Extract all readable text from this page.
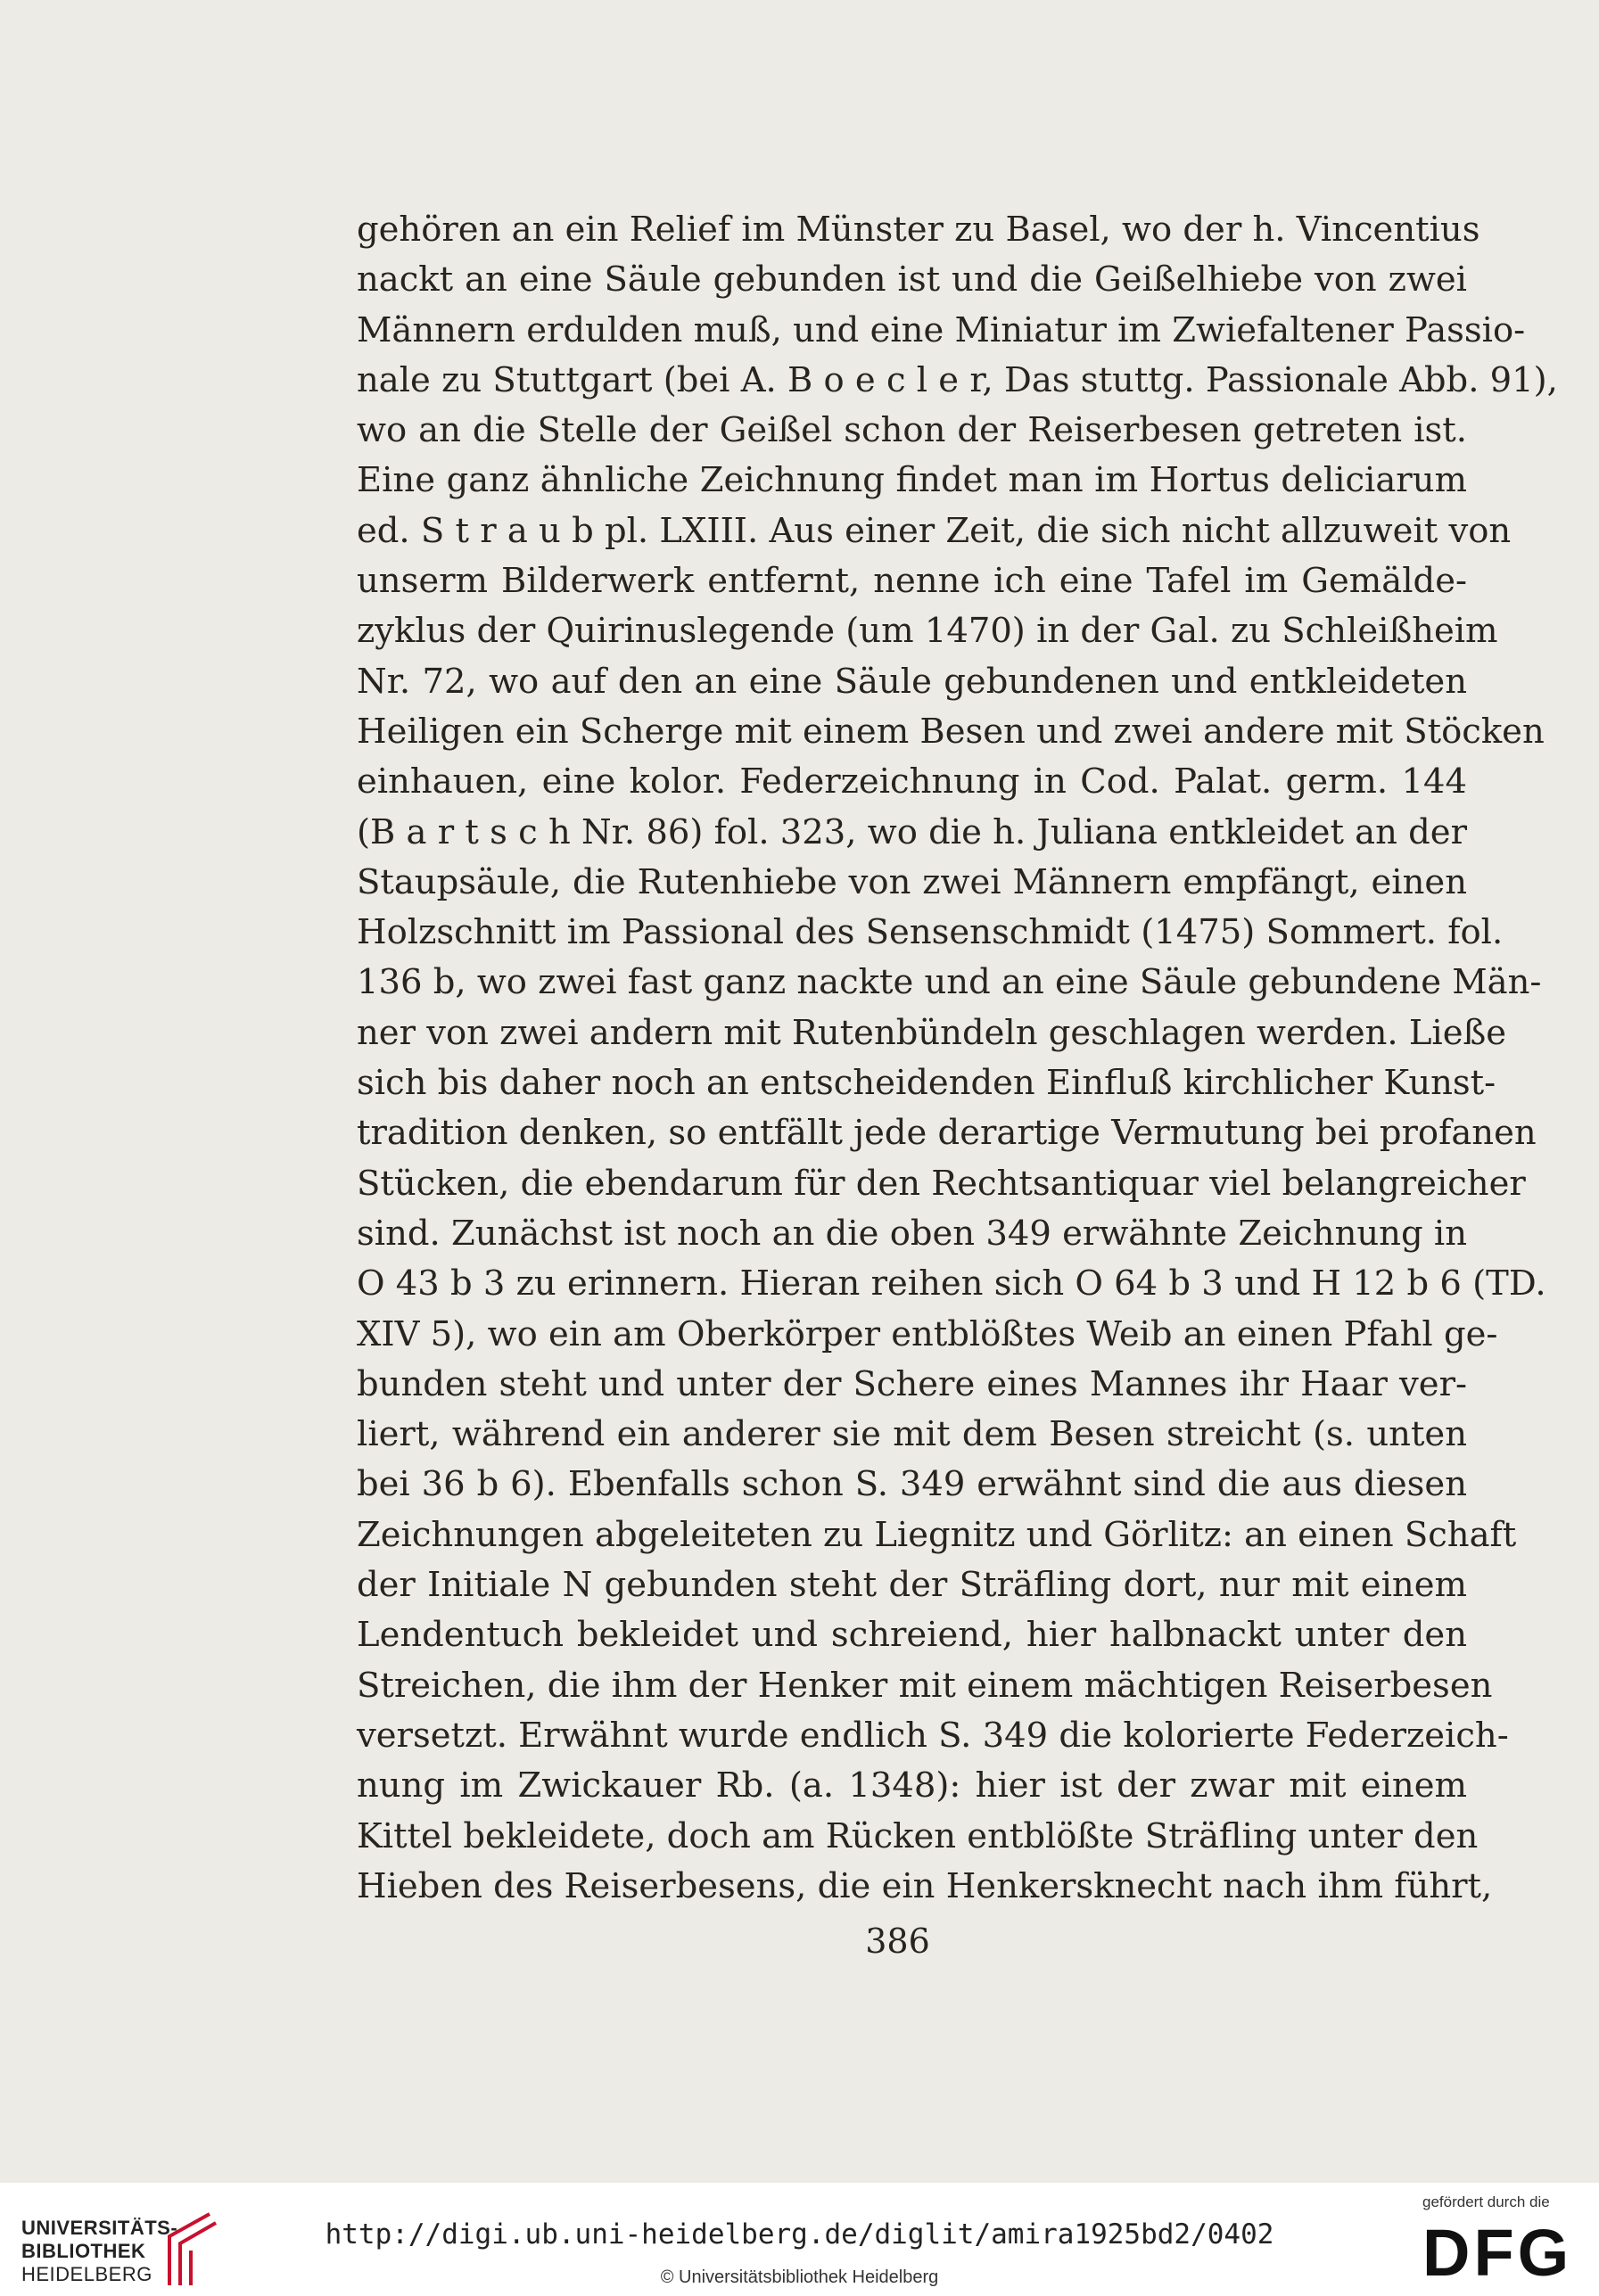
gehören an ein Relief im Münster zu Basel, wo der h. Vincentius
nackt an eine Säule gebunden ist und die Geißelhiebe von zwei
Männern erdulden muß, und eine Miniatur im Zwiefaltener Passio-
nale zu Stuttgart (bei A. B o e c l e r, Das stuttg. Passionale Abb. 91),
wo an die Stelle der Geißel schon der Reiserbesen getreten ist.
Eine ganz ähnliche Zeichnung findet man im Hortus deliciarum
ed. S t r a u b pl. LXIII. Aus einer Zeit, die sich nicht allzuweit von
unserm Bilderwerk entfernt, nenne ich eine Tafel im Gemälde-
zyklus der Quirinuslegende (um 1470) in der Gal. zu Schleißheim
Nr. 72, wo auf den an eine Säule gebundenen und entkleideten
Heiligen ein Scherge mit einem Besen und zwei andere mit Stöcken
einhauen, eine kolor. Federzeichnung in Cod. Palat. germ. 144
(B a r t s c h Nr. 86) fol. 323, wo die h. Juliana entkleidet an der
Staupsäule, die Rutenhiebe von zwei Männern empfängt, einen
Holzschnitt im Passional des Sensenschmidt (1475) Sommert. fol.
136 b, wo zwei fast ganz nackte und an eine Säule gebundene Män-
ner von zwei andern mit Rutenbündeln geschlagen werden. Ließe
sich bis daher noch an entscheidenden Einfluß kirchlicher Kunst-
tradition denken, so entfällt jede derartige Vermutung bei profanen
Stücken, die ebendarum für den Rechtsantiquar viel belangreicher
sind. Zunächst ist noch an die oben 349 erwähnte Zeichnung in
O 43 b 3 zu erinnern. Hieran reihen sich O 64 b 3 und H 12 b 6 (TD.
XIV 5), wo ein am Oberkörper entblößtes Weib an einen Pfahl ge-
bunden steht und unter der Schere eines Mannes ihr Haar ver-
liert, während ein anderer sie mit dem Besen streicht (s. unten
bei 36 b 6). Ebenfalls schon S. 349 erwähnt sind die aus diesen
Zeichnungen abgeleiteten zu Liegnitz und Görlitz: an einen Schaft
der Initiale N gebunden steht der Sträfling dort, nur mit einem
Lendentuch bekleidet und schreiend, hier halbnackt unter den
Streichen, die ihm der Henker mit einem mächtigen Reiserbesen
versetzt. Erwähnt wurde endlich S. 349 die kolorierte Federzeich-
nung im Zwickauer Rb. (a. 1348): hier ist der zwar mit einem
Kittel bekleidete, doch am Rücken entblößte Sträfling unter den
Hieben des Reiserbesens, die ein Henkersknecht nach ihm führt,
386
UNIVERSITÄTS-
BIBLIOTHEK
HEIDELBERG
http://digi.ub.uni-heidelberg.de/diglit/amira1925bd2/0402
© Universitätsbibliothek Heidelberg
gefördert durch die
DFG
